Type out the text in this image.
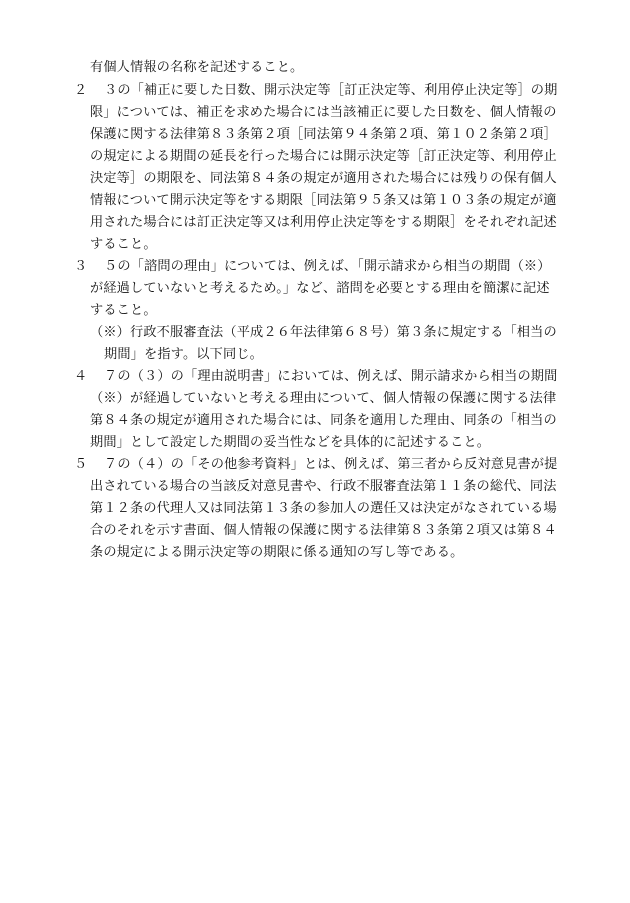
有個人情報の名称を記述すること。
２ ３の「補正に要した日数、開示決定等［訂正決定等、利用停止決定等］の期
限」については、補正を求めた場合には当該補正に要した日数を、個人情報の
保護に関する法律第８３条第２項［同法第９４条第２項、第１０２条第２項］
の規定による期間の延長を行った場合には開示決定等［訂正決定等、利用停止
決定等］の期限を、同法第８４条の規定が適用された場合には残りの保有個人
情報について開示決定等をする期限［同法第９５条又は第１０３条の規定が適
用された場合には訂正決定等又は利用停止決定等をする期限］をそれぞれ記述
すること。
３ ５の「諮問の理由」については、例えば、「開示請求から相当の期間（※）
が経過していないと考えるため。」など、諮問を必要とする理由を簡潔に記述
すること。
（※）行政不服審査法（平成２６年法律第６８号）第３条に規定する「相当の
期間」を指す。以下同じ。
４ ７の（３）の「理由説明書」においては、例えば、開示請求から相当の期間
（※）が経過していないと考える理由について、個人情報の保護に関する法律
第８４条の規定が適用された場合には、同条を適用した理由、同条の「相当の
期間」として設定した期間の妥当性などを具体的に記述すること。
５ ７の（４）の「その他参考資料」とは、例えば、第三者から反対意見書が提
出されている場合の当該反対意見書や、行政不服審査法第１１条の総代、同法
第１２条の代理人又は同法第１３条の参加人の選任又は決定がなされている場
合のそれを示す書面、個人情報の保護に関する法律第８３条第２項又は第８４
条の規定による開示決定等の期限に係る通知の写し等である。
